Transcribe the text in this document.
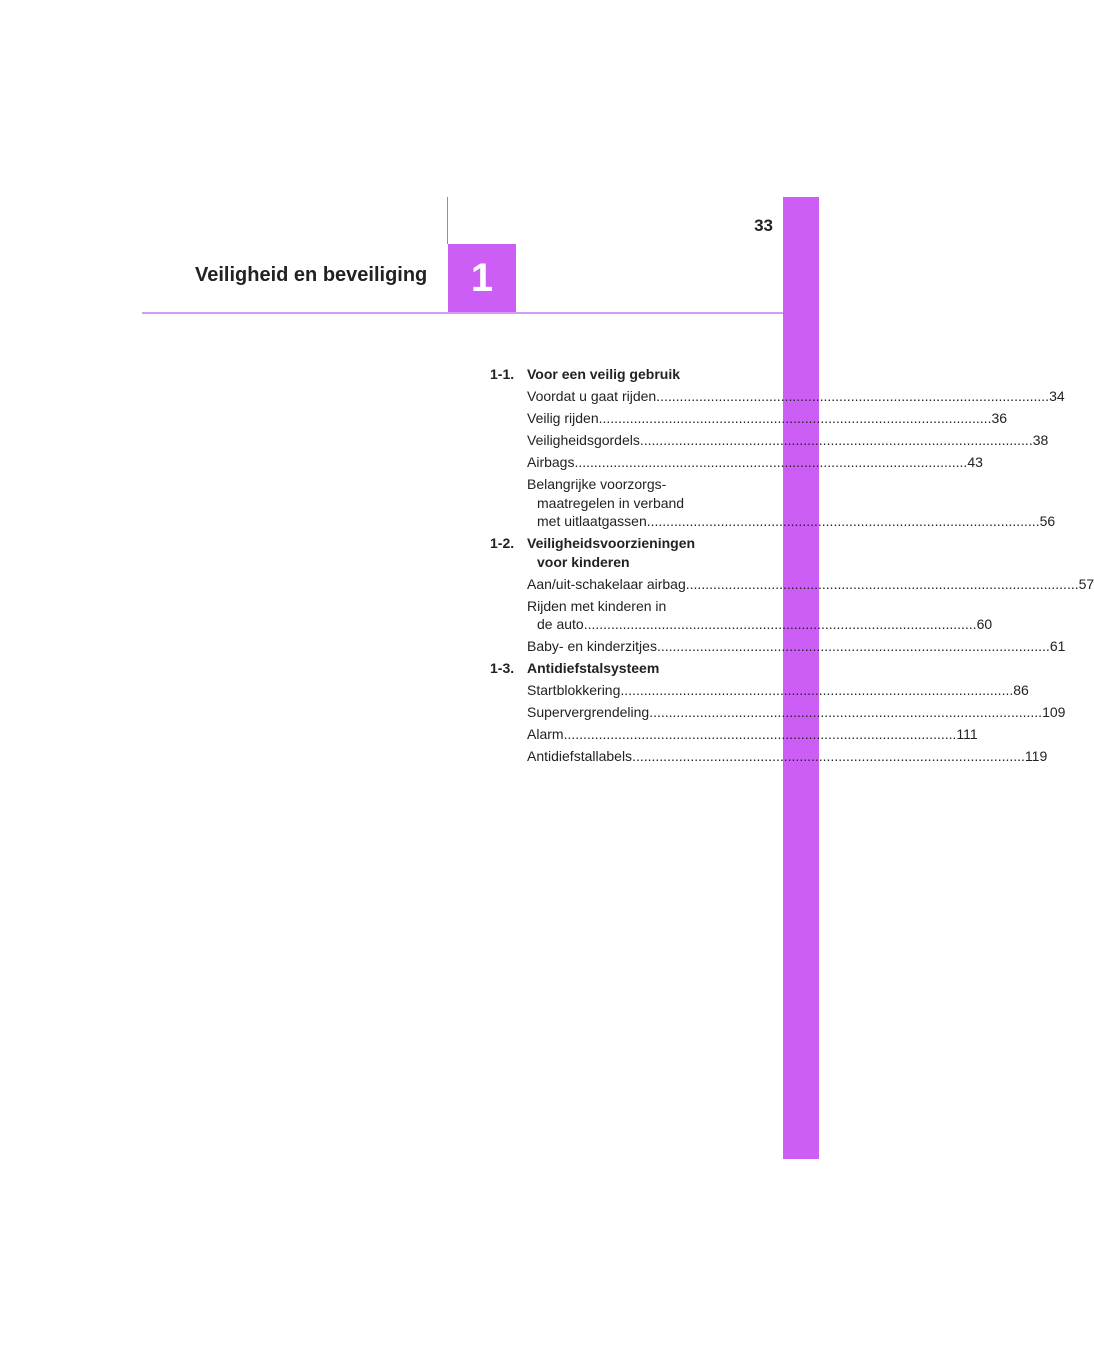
1
33
Veiligheid en beveiliging
1-1. Voor een veilig gebruik
Voordat u gaat rijden .....	34
Veilig rijden .....	36
Veiligheidsgordels .....	38
Airbags .....	43
Belangrijke voorzorgs-
maatregelen in verband
met uitlaatgassen .....	56
1-2. Veiligheidsvoorzieningen
voor kinderen
Aan/uit-schakelaar airbag .....	57
Rijden met kinderen in
de auto .....	60
Baby- en kinderzitjes .....	61
1-3. Antidiefstalsysteem
Startblokkering .....	86
Supervergrendeling .....	109
Alarm .....	111
Antidiefstallabels .....	119
